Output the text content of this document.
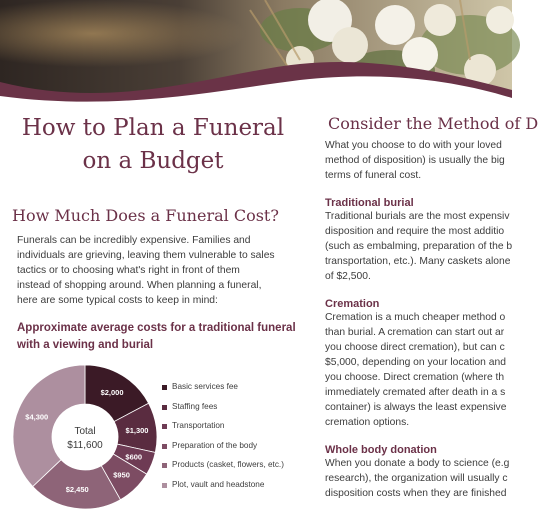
How to Plan a Funeral
on a Budget
How Much Does a Funeral Cost?

Funerals can be incredibly expensive. Families and
individuals are grieving, leaving them vulnerable to sales
tactics or to choosing what's right in front of them
instead of shopping around. When planning a funeral,
here are some typical costs to keep in mind:

Approximate average costs for a traditional funeral
with a viewing and burial

Total
$11,600
$2,000
$1,300
$600
$950
$2,450
$4,300
Basic services fee
Staffing fees
Transportation
Preparation of the body
Products (casket, flowers, etc.)
Plot, vault and headstone
Consider the Method of D

What you choose to do with your loved
method of disposition) is usually the big
terms of funeral cost.

Traditional burial

Traditional burials are the most expensiv
disposition and require the most additio
(such as embalming, preparation of the b
transportation, etc.). Many caskets alone
of $2,500.

Cremation

Cremation is a much cheaper method o
than burial. A cremation can start out ar
you choose direct cremation), but can c
$5,000, depending on your location and
you choose. Direct cremation (where th
immediately cremated after death in a s
container) is always the least expensive
cremation options.

Whole body donation

When you donate a body to science (e.g
research), the organization will usually c
disposition costs when they are finished
